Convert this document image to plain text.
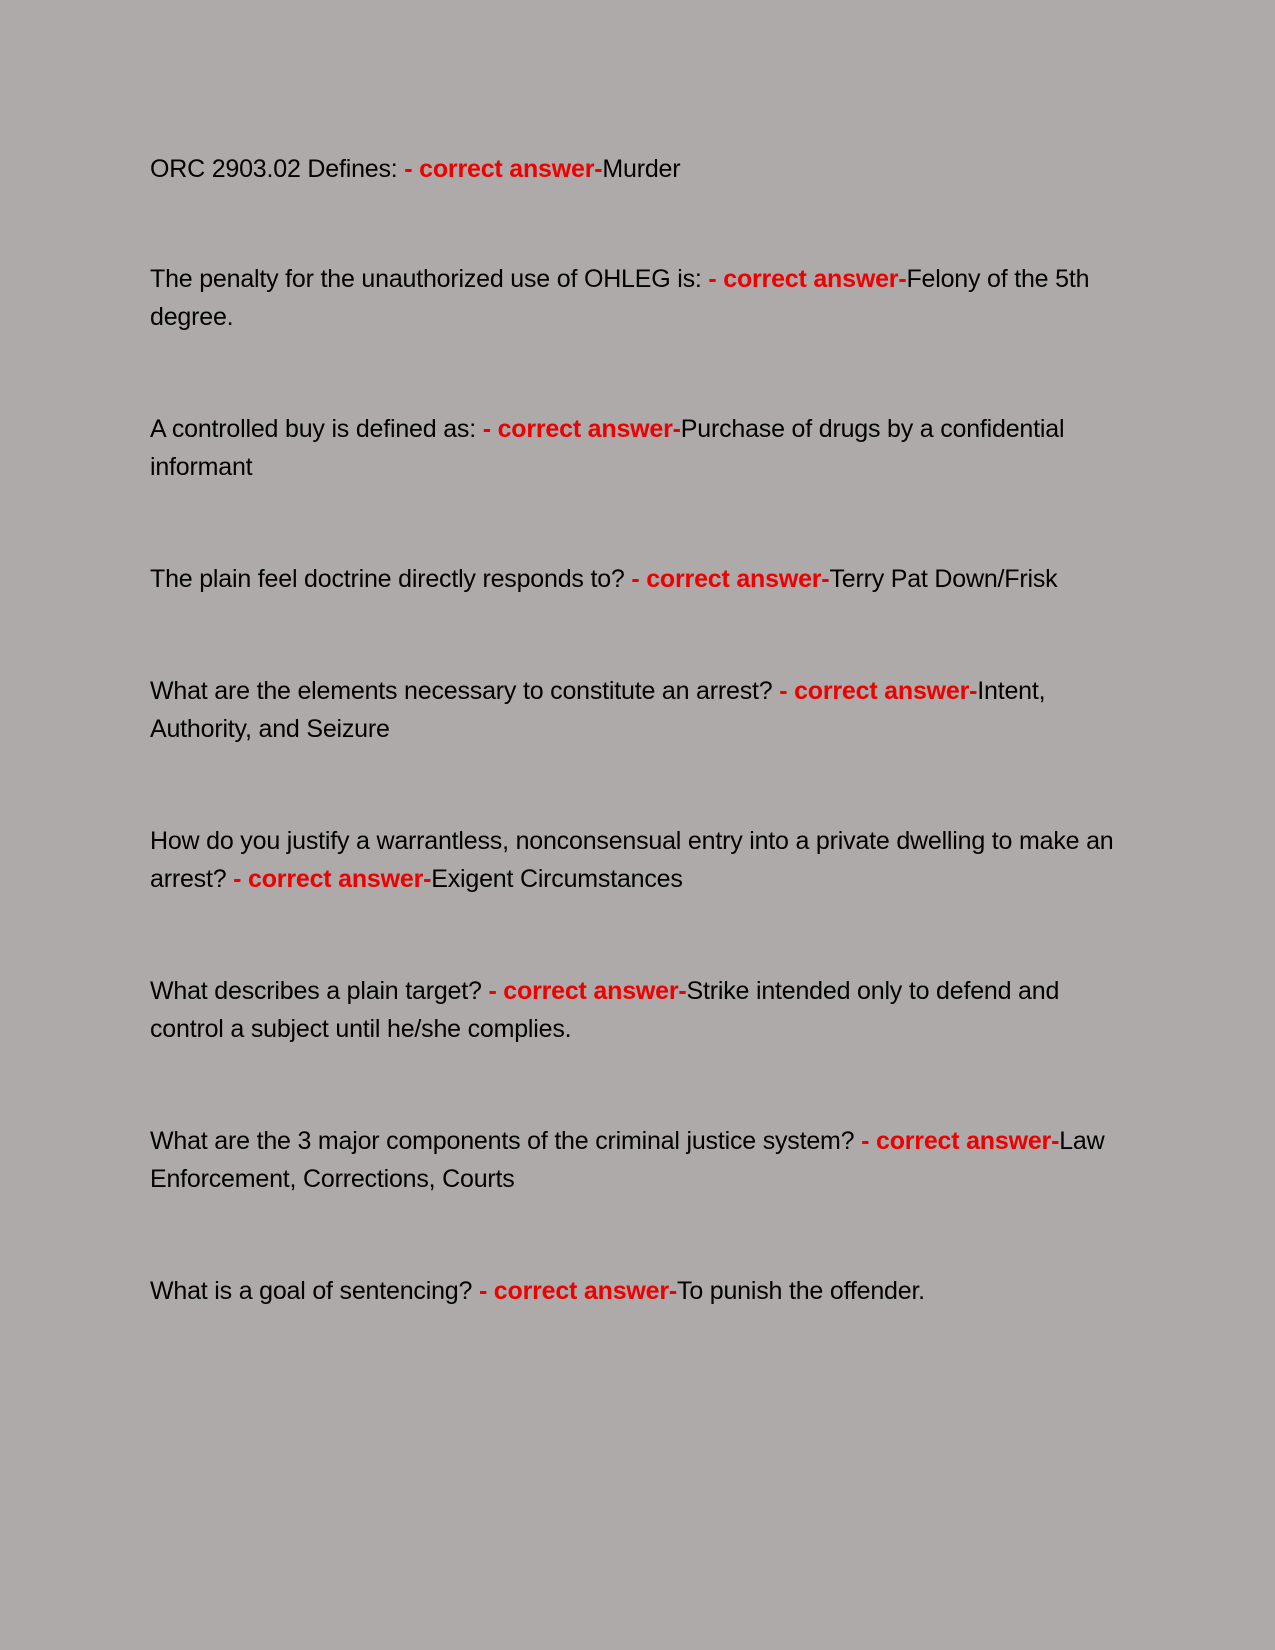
ORC 2903.02 Defines: - correct answer-Murder
The penalty for the unauthorized use of OHLEG is: - correct answer-Felony of the 5th degree.
A controlled buy is defined as: - correct answer-Purchase of drugs by a confidential informant
The plain feel doctrine directly responds to? - correct answer-Terry Pat Down/Frisk
What are the elements necessary to constitute an arrest? - correct answer-Intent, Authority, and Seizure
How do you justify a warrantless, nonconsensual entry into a private dwelling to make an arrest? - correct answer-Exigent Circumstances
What describes a plain target? - correct answer-Strike intended only to defend and control a subject until he/she complies.
What are the 3 major components of the criminal justice system? - correct answer-Law Enforcement, Corrections, Courts
What is a goal of sentencing? - correct answer-To punish the offender.
